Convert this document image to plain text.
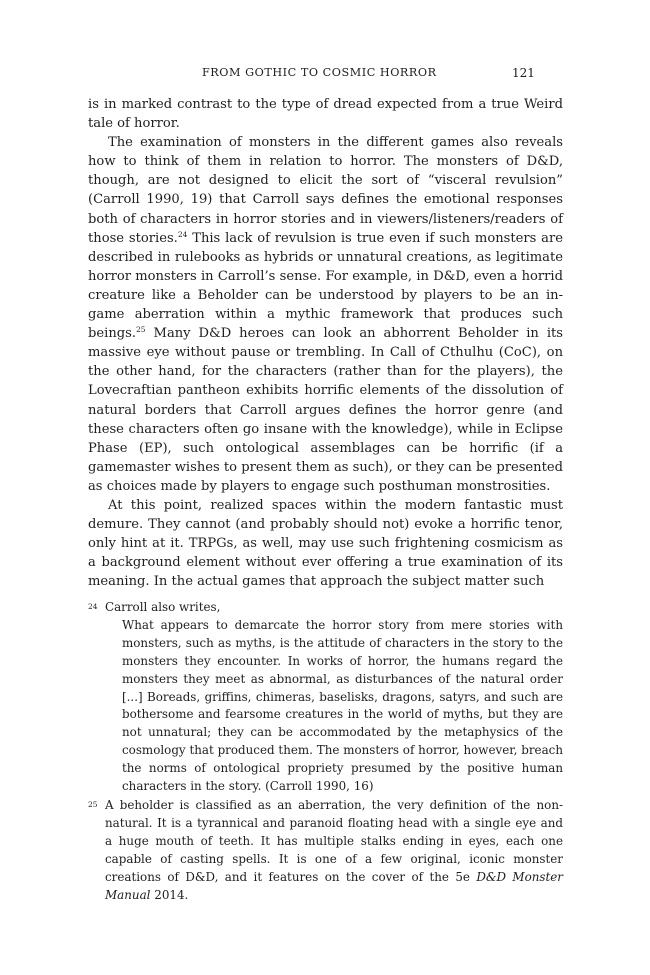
FROM GOTHIC TO COSMIC HORROR	121

is in marked contrast to the type of dread expected from a true Weird tale of horror.

The examination of monsters in the different games also reveals how to think of them in relation to horror. The monsters of D&D, though, are not designed to elicit the sort of “visceral revulsion” (Carroll 1990, 19) that Carroll says defines the emotional responses both of characters in horror stories and in viewers/listeners/readers of those stories.$^{24}$ This lack of revulsion is true even if such monsters are described in rulebooks as hybrids or unnatural creations, as legitimate horror monsters in Carroll’s sense. For example, in D&D, even a horrid creature like a Beholder can be understood by players to be an in-game aberration within a mythic framework that produces such beings.$^{25}$ Many D&D heroes can look an abhorrent Beholder in its massive eye without pause or trembling. In Call of Cthulhu (CoC), on the other hand, for the characters (rather than for the players), the Lovecraftian pantheon exhibits horrific elements of the dissolution of natural borders that Carroll argues defines the horror genre (and these characters often go insane with the knowledge), while in Eclipse Phase (EP), such ontological assemblages can be horrific (if a gamemaster wishes to present them as such), or they can be presented as choices made by players to engage such posthuman monstrosities.

At this point, realized spaces within the modern fantastic must demure. They cannot (and probably should not) evoke a horrific tenor, only hint at it. TRPGs, as well, may use such frightening cosmicism as a background element without ever offering a true examination of its meaning. In the actual games that approach the subject matter such

24 Carroll also writes,
What appears to demarcate the horror story from mere stories with monsters, such as myths, is the attitude of characters in the story to the monsters they encounter. In works of horror, the humans regard the monsters they meet as abnormal, as disturbances of the natural order [...] Boreads, griffins, chimeras, baselisks, dragons, satyrs, and such are bothersome and fearsome creatures in the world of myths, but they are not unnatural; they can be accommodated by the metaphysics of the cosmology that produced them. The monsters of horror, however, breach the norms of ontological propriety presumed by the positive human characters in the story. (Carroll 1990, 16)
25 A beholder is classified as an aberration, the very definition of the non-natural. It is a tyrannical and paranoid floating head with a single eye and a huge mouth of teeth. It has multiple stalks ending in eyes, each one capable of casting spells. It is one of a few original, iconic monster creations of D&D, and it features on the cover of the 5e D&D Monster Manual 2014.
